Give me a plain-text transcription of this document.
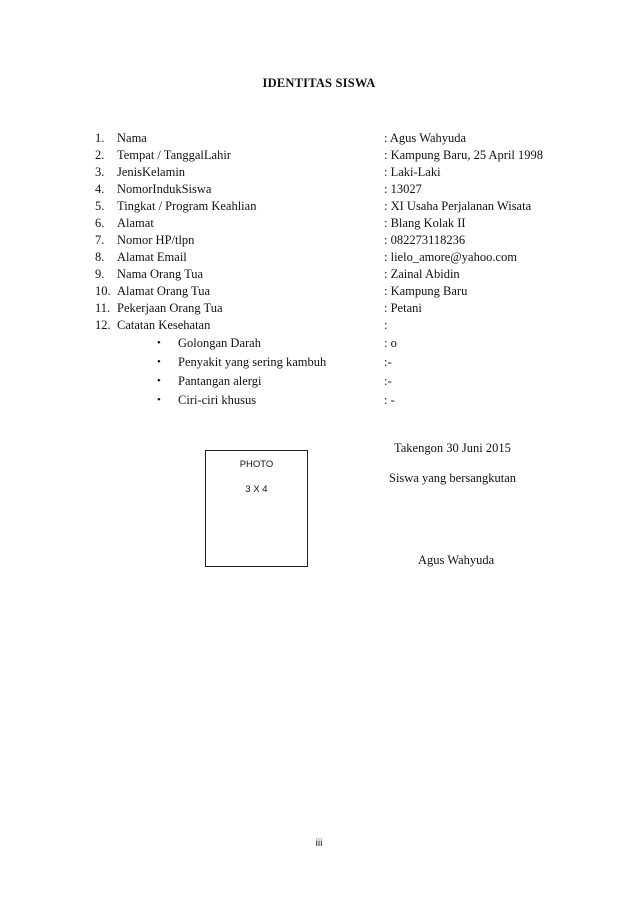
IDENTITAS SISWA
1. Nama	: Agus Wahyuda
2. Tempat / TanggalLahir	: Kampung Baru, 25 April 1998
3. JenisKelamin	: Laki-Laki
4. NomorIndukSiswa	: 13027
5. Tingkat / Program Keahlian	: XI Usaha Perjalanan Wisata
6. Alamat	: Blang Kolak II
7. Nomor HP/tlpn	: 082273118236
8. Alamat Email	: lielo_amore@yahoo.com
9. Nama Orang Tua	: Zainal Abidin
10. Alamat Orang Tua	: Kampung Baru
11. Pekerjaan Orang Tua	: Petani
12. Catatan Kesehatan	:
• Golongan Darah	: o
• Penyakit yang sering kambuh	:-
• Pantangan alergi	:-
• Ciri-ciri khusus	: -
PHOTO
3 X 4
Takengon 30 Juni 2015
Siswa yang bersangkutan
Agus Wahyuda
iii
